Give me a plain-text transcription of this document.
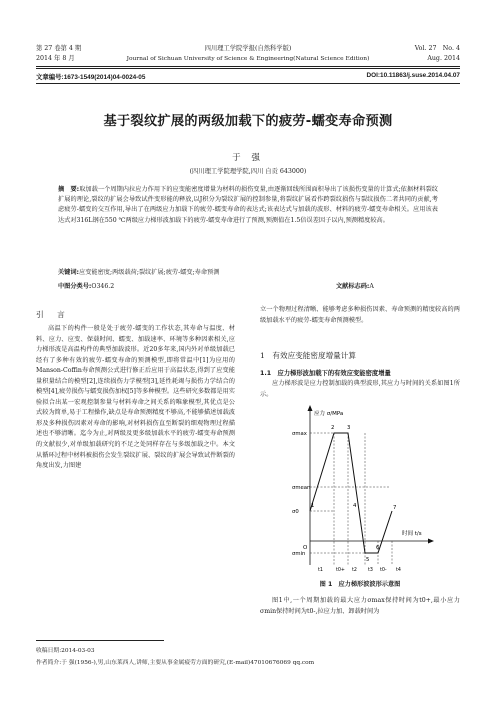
第 27 卷第 4 期
2014 年 8 月
四川理工学院学报(自然科学版)
Journal of Sichuan University of Science & Engineering(Natural Science Edition)
Vol. 27　No. 4
Aug. 2014
文章编号:1673-1549(2014)04-0024-05	DOI:10.11863/j.suse.2014.04.07
基于裂纹扩展的两级加载下的疲劳-蠕变寿命预测
于 强
(四川理工学院理学院,四川 自贡 643000)
摘　要:取加载一个周期内拉应力作用下的应变能密度增量为材料的损伤变量,由逐渐回线所围面积导出了该损伤变量的计算式;依据材料裂纹扩展的理论,裂纹的扩展会导致试件变形能的释放,以J积分为裂纹扩展的控制参量,将裂纹扩展看作跨裂纹损伤与裂纹损伤二者共同的贡献,考虑疲劳-蠕变的交互作用,导出了在两级应力加载下的疲劳-蠕变寿命的表达式;该表达式与加载的波形、材料的疲劳-蠕变寿命相关。应用该表达式对316L钢在550 ℃两级应力梯形波加载下的疲劳-蠕变寿命进行了预测,预测值在1.5倍误差因子以内,预测精度较高。
关键词:应变能密度;两级载荷;裂纹扩展;疲劳-蠕变;寿命预测
中图分类号:O346.2	文献标志码:A
引　言

高温下的构件一般是处于疲劳-蠕变的工作状态,其寿命与温度、材料、应力、应变、保载时间、蠕变、加载速率、环境等多种因素相关,应力梯形波是高温构件的典型加载波形。近20多年来,国内外对单级加载已经有了多种有效的疲劳-蠕变寿命的预测模型,即将常温中[1]为应用的Manson-Coffin寿命预测公式进行修正后应用于高温状态,得到了应变能量积量结合的模型[2],连续损伤力学模型[3],延性耗竭与损伤力学结合的模型[4],疲劳损伤与蠕变损伤加权[5]等多种模型。这些研究多数都是用实验拟合出某一宏观控制参量与材料寿命之间关系的唯象模型,其优点是公式较为简单,易于工程操作,缺点是寿命预测精度不够高,不能够描述加载波形及多种损伤因素对寿命的影响,对材料损伤直至断裂的细观物理过程描述也不够清晰。迄今为止,对两级及更多级加载水平的疲劳-蠕变寿命预测的文献很少,对单级加载研究的不足之处同样存在与多级加载之中。本文从循环过程中材料被损伤会发生裂纹扩展、裂纹的扩展会导致试件断裂的角度出发,力图建

立一个物理过程清晰、能够考虑多种损伤因素、寿命预测的精度较高的两级加载水平的疲劳-蠕变寿命预测模型。

1　有效应变能密度增量计算
1.1　应力梯形波加载下的有效应变能密度增量

应力梯形波是应力控制加载的典型波形,其应力与时间的关系如图1所示。

应力 σ/MPa
时间 t/s
O
σmax
σmean
σ0
σmin
1
2 3
4
5
6
7
t1	t0+ t2 t3 t0- t4
图 1　应力梯形波波形示意图

图1中,一个周期加载的最大应力σmax保持时间为t0+,最小应力σmin保持时间为t0-,拉应力加、卸载时间为

收稿日期:2014-03-03
作者简介:于 强(1956-),男,山东莱西人,讲师,主要从事金属疲劳方面的研究,(E-mail)47010676069 qq.com
